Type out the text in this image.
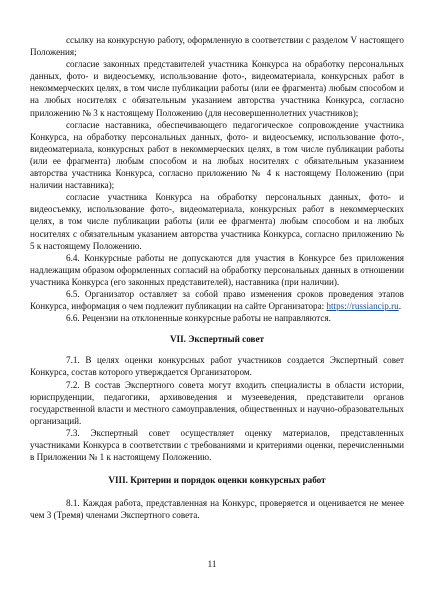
ссылку на конкурсную работу, оформленную в соответствии с разделом V настоящего Положения;

согласие законных представителей участника Конкурса на обработку персональных данных, фото- и видеосъемку, использование фото-, видеоматериала, конкурсных работ в некоммерческих целях, в том числе публикации работы (или ее фрагмента) любым способом и на любых носителях с обязательным указанием авторства участника Конкурса, согласно приложению № 3 к настоящему Положению (для несовершеннолетних участников);

согласие наставника, обеспечивающего педагогическое сопровождение участника Конкурса, на обработку персональных данных, фото- и видеосъемку, использование фото-, видеоматериала, конкурсных работ в некоммерческих целях, в том числе публикации работы (или ее фрагмента) любым способом и на любых носителях с обязательным указанием авторства участника Конкурса, согласно приложению № 4 к настоящему Положению (при наличии наставника);

согласие участника Конкурса на обработку персональных данных, фото- и видеосъемку, использование фото-, видеоматериала, конкурсных работ в некоммерческих целях, в том числе публикации работы (или ее фрагмента) любым способом и на любых носителях с обязательным указанием авторства участника Конкурса, согласно приложению № 5 к настоящему Положению.

6.4. Конкурсные работы не допускаются для участия в Конкурсе без приложения надлежащим образом оформленных согласий на обработку персональных данных в отношении участника Конкурса (его законных представителей), наставника (при наличии).

6.5. Организатор оставляет за собой право изменения сроков проведения этапов Конкурса, информация о чем подлежит публикации на сайте Организатора: https://russiancip.ru.

6.6. Рецензии на отклоненные конкурсные работы не направляются.

VII. Экспертный совет

7.1. В целях оценки конкурсных работ участников создается Экспертный совет Конкурса, состав которого утверждается Организатором.

7.2. В состав Экспертного совета могут входить специалисты в области истории, юриспруденции, педагогики, архивоведения и музееведения, представители органов государственной власти и местного самоуправления, общественных и научно-образовательных организаций.

7.3. Экспертный совет осуществляет оценку материалов, представленных участниками Конкурса в соответствии с требованиями и критериями оценки, перечисленными в Приложении № 1 к настоящему Положению.

VIII. Критерии и порядок оценки конкурсных работ

8.1. Каждая работа, представленная на Конкурс, проверяется и оценивается не менее чем 3 (Тремя) членами Экспертного совета.

11
